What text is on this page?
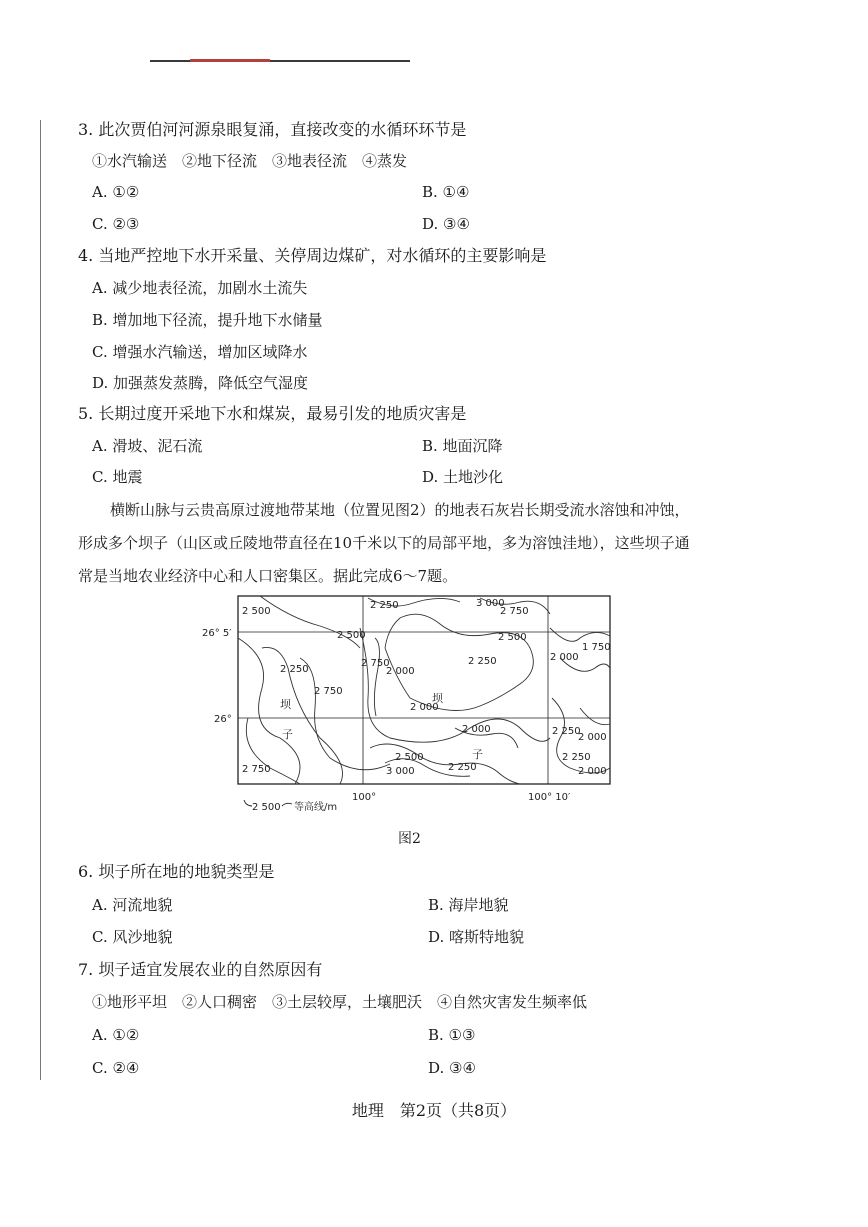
3. 此次贾伯河河源泉眼复涌，直接改变的水循环环节是
①水汽输送　②地下径流　③地表径流　④蒸发
A. ①②	B. ①④
C. ②③	D. ③④
4. 当地严控地下水开采量、关停周边煤矿，对水循环的主要影响是
A. 减少地表径流，加剧水土流失
B. 增加地下径流，提升地下水储量
C. 增强水汽输送，增加区域降水
D. 加强蒸发蒸腾，降低空气湿度
5. 长期过度开采地下水和煤炭，最易引发的地质灾害是
A. 滑坡、泥石流	B. 地面沉降
C. 地震	D. 土地沙化

横断山脉与云贵高原过渡地带某地（位置见图2）的地表石灰岩长期受流水溶蚀和冲蚀，

形成多个坝子（山区或丘陵地带直径在10千米以下的局部平地，多为溶蚀洼地），这些坝子通

常是当地农业经济中心和人口密集区。据此完成6～7题。

2 500
2 250	3 000
2 750
2 500
2 750
2 250
2 500
2 250	2 000
2 000
1 750
2 750
2 000	2 250
2 500
2 000
3 000	2 250
2 250
2 750
2 000
2 000
坝
子
坝
子
26° 5′
26°
100°	100° 10′
2 500 等高线/m
图2
6. 坝子所在地的地貌类型是
A. 河流地貌	B. 海岸地貌
C. 风沙地貌	D. 喀斯特地貌
7. 坝子适宜发展农业的自然原因有
①地形平坦　②人口稠密　③土层较厚，土壤肥沃　④自然灾害发生频率低
A. ①②	B. ①③
C. ②④	D. ③④
地理　第2页（共8页）
